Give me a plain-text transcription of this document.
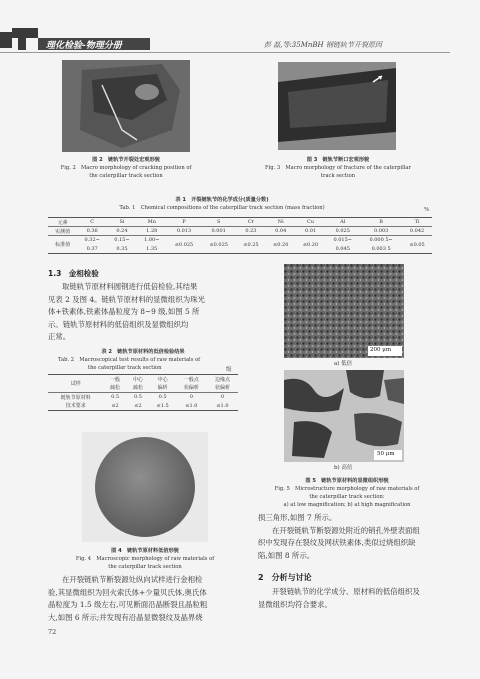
理化检验-物理分册	彭 磊,等:35MnBH 钢链轨节开裂原因
图 2　链轨节开裂处宏观形貌
Fig. 2　Macro morphology of cracking position of
the caterpillar track section
图 3　链轨节断口宏观形貌
Fig. 3　Macro morphology of fracture of the caterpillar
track section
表 1　开裂链轨节的化学成分(质量分数)
Tab. 1　Chemical compositions of the caterpillar track section (mass fraction)	%
元素	C	Si	Mn	P	S	Cr	Ni	Cu	Al	B	Ti
实测值	0.36	0.24	1.28	0.013	0.001	0.23	0.04	0.01	0.025	0.003	0.042
标准值	0.32~	0.15~	1.00~	≤0.025	≤0.025	≤0.25	≤0.20	≤0.20	0.015~	0.000 5~	≤0.05

	0.37	0.35	1.35						0.045	0.003 5	
1.3　金相检验
取链轨节原材料圆钢进行低倍检验,其结果
见表 2 及图 4。链轨节原材料的显微组织为珠光
体+铁素体,铁素体晶粒度为 8~9 级,如图 5 所
示。链轨节原材料的低倍组织及显微组织均
正常。
表 2　链轨节原材料的低倍检验结果
Tab. 2　Macroscopical test results of raw materials of
the caterpillar track section	级
试样	一般	中心	中心	一般点	边缘点
	疏松	疏松	偏析	状偏析	状偏析
链轨节原材料	0.5	0.5	0.5	0	0
技术要求	≤2	≤2	≤1.5	≤1.0	≤1.0
图 4　链轨节原材料低倍形貌
Fig. 4　Macroscopic morphology of raw materials of
the caterpillar track section
在开裂链轨节断裂源处纵向试样进行金相检
验,其显微组织为回火索氏体+少量贝氏体,奥氏体
晶粒度为 1.5 级左右,可见断面沿晶断裂且晶粒粗
大,如图 6 所示;并发现有沿晶显微裂纹及晶界烧
72
200 μm
a) 低倍
50 μm
b) 高倍
图 5　链轨节原材料的显微组织形貌
Fig. 5　Microstructure morphology of raw materials of
the caterpillar track section:
a) at low magnification; b) at high magnification
损三角形,如图 7 所示。
在开裂链轨节断裂源处附近的销孔外壁表面组
织中发现存在裂纹及网状铁素体,类似过烧组织缺
陷,如图 8 所示。
2　分析与讨论
开裂链轨节的化学成分、原材料的低倍组织及
显微组织均符合要求。
